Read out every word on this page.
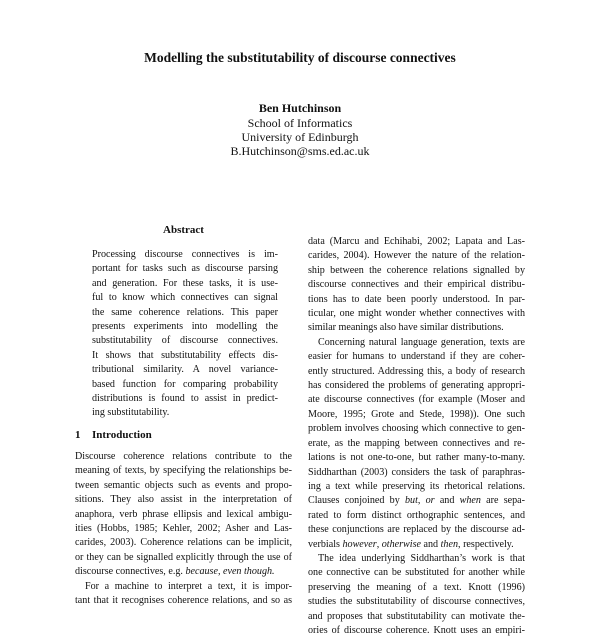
Modelling the substitutability of discourse connectives
Ben Hutchinson
School of Informatics
University of Edinburgh
B.Hutchinson@sms.ed.ac.uk
Abstract
Processing discourse connectives is im-
portant for tasks such as discourse parsing
and generation. For these tasks, it is use-
ful to know which connectives can signal
the same coherence relations. This paper
presents experiments into modelling the
substitutability of discourse connectives.
It shows that substitutability effects dis-
tributional similarity. A novel variance-
based function for comparing probability
distributions is found to assist in predict-
ing substitutability.
1 Introduction
Discourse coherence relations contribute to the
meaning of texts, by specifying the relationships be-
tween semantic objects such as events and propo-
sitions. They also assist in the interpretation of
anaphora, verb phrase ellipsis and lexical ambigu-
ities (Hobbs, 1985; Kehler, 2002; Asher and Las-
carides, 2003). Coherence relations can be implicit,
or they can be signalled explicitly through the use of
discourse connectives, e.g. because, even though.
For a machine to interpret a text, it is impor-
tant that it recognises coherence relations, and so as
data (Marcu and Echihabi, 2002; Lapata and Las-
carides, 2004). However the nature of the relation-
ship between the coherence relations signalled by
discourse connectives and their empirical distribu-
tions has to date been poorly understood. In par-
ticular, one might wonder whether connectives with
similar meanings also have similar distributions.
Concerning natural language generation, texts are
easier for humans to understand if they are coher-
ently structured. Addressing this, a body of research
has considered the problems of generating appropri-
ate discourse connectives (for example (Moser and
Moore, 1995; Grote and Stede, 1998)). One such
problem involves choosing which connective to gen-
erate, as the mapping between connectives and re-
lations is not one-to-one, but rather many-to-many.
Siddharthan (2003) considers the task of paraphras-
ing a text while preserving its rhetorical relations.
Clauses conjoined by but, or and when are sepa-
rated to form distinct orthographic sentences, and
these conjunctions are replaced by the discourse ad-
verbials however, otherwise and then, respectively.
The idea underlying Siddharthan’s work is that
one connective can be substituted for another while
preserving the meaning of a text. Knott (1996)
studies the substitutability of discourse connectives,
and proposes that substitutability can motivate the-
ories of discourse coherence. Knott uses an empiri-
